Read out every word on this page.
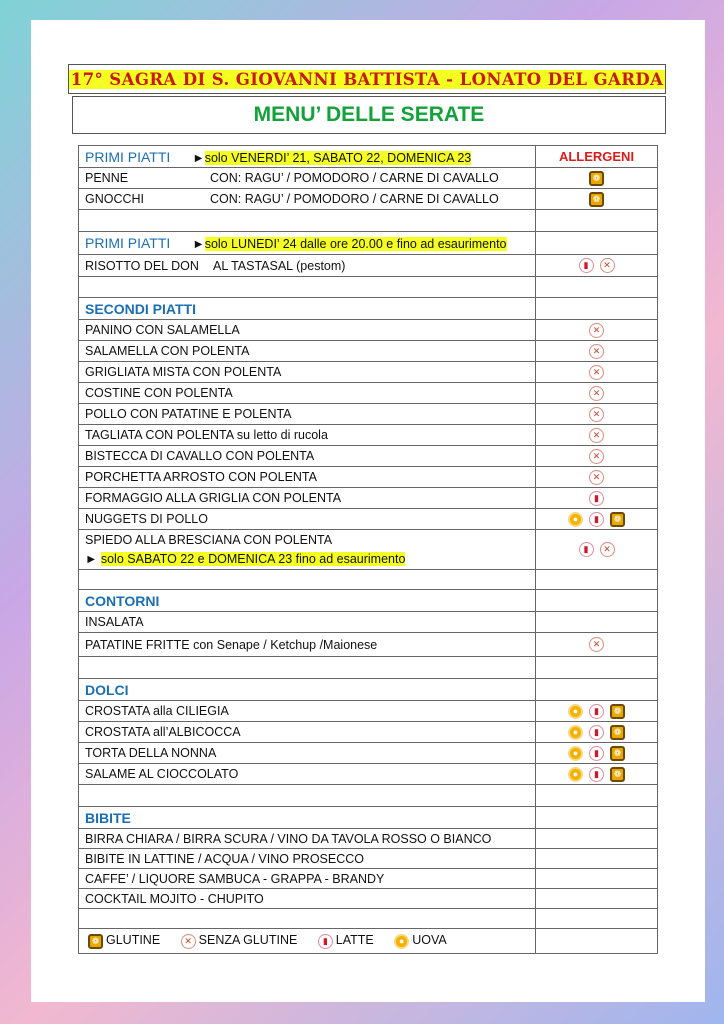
17° SAGRA DI S. GIOVANNI BATTISTA - LONATO DEL GARDA
MENU’ DELLE SERATE
PRIMI PIATTI ►solo VENERDI’ 21, SABATO 22, DOMENICA 23	ALLERGENI
PENNE CON: RAGU’ / POMODORO / CARNE DI CAVALLO	❁
GNOCCHI CON: RAGU’ / POMODORO / CARNE DI CAVALLO	❁

PRIMI PIATTI ►solo LUNEDI’ 24 dalle ore 20.00 e fino ad esaurimento	
RISOTTO DEL DON AL TASTASAL (pestom)	▮ ✕

SECONDI PIATTI	
PANINO CON SALAMELLA	✕
SALAMELLA CON POLENTA	✕
GRIGLIATA MISTA CON POLENTA	✕
COSTINE CON POLENTA	✕
POLLO CON PATATINE E POLENTA	✕
TAGLIATA CON POLENTA su letto di rucola	✕
BISTECCA DI CAVALLO CON POLENTA	✕
PORCHETTA ARROSTO CON POLENTA	✕
FORMAGGIO ALLA GRIGLIA CON POLENTA	▮
NUGGETS DI POLLO	● ▮ ❁

SPIEDO ALLA BRESCIANA CON POLENTA
► solo SABATO 22 e DOMENICA 23 fino ad esaurimento	▮ ✕

CONTORNI	
INSALATA	
PATATINE FRITTE con Senape / Ketchup /Maionese	✕

DOLCI	
CROSTATA alla CILIEGIA	● ▮ ❁
CROSTATA all’ALBICOCCA	● ▮ ❁
TORTA DELLA NONNA	● ▮ ❁
SALAME AL CIOCCOLATO	● ▮ ❁

BIBITE	
BIRRA CHIARA / BIRRA SCURA / VINO DA TAVOLA ROSSO O BIANCO	
BIBITE IN LATTINE / ACQUA / VINO PROSECCO	
CAFFE’ / LIQUORE SAMBUCA - GRAPPA - BRANDY	
COCKTAIL MOJITO - CHUPITO	

❁ GLUTINE ✕ SENZA GLUTINE ▮ LATTE ● UOVA	
